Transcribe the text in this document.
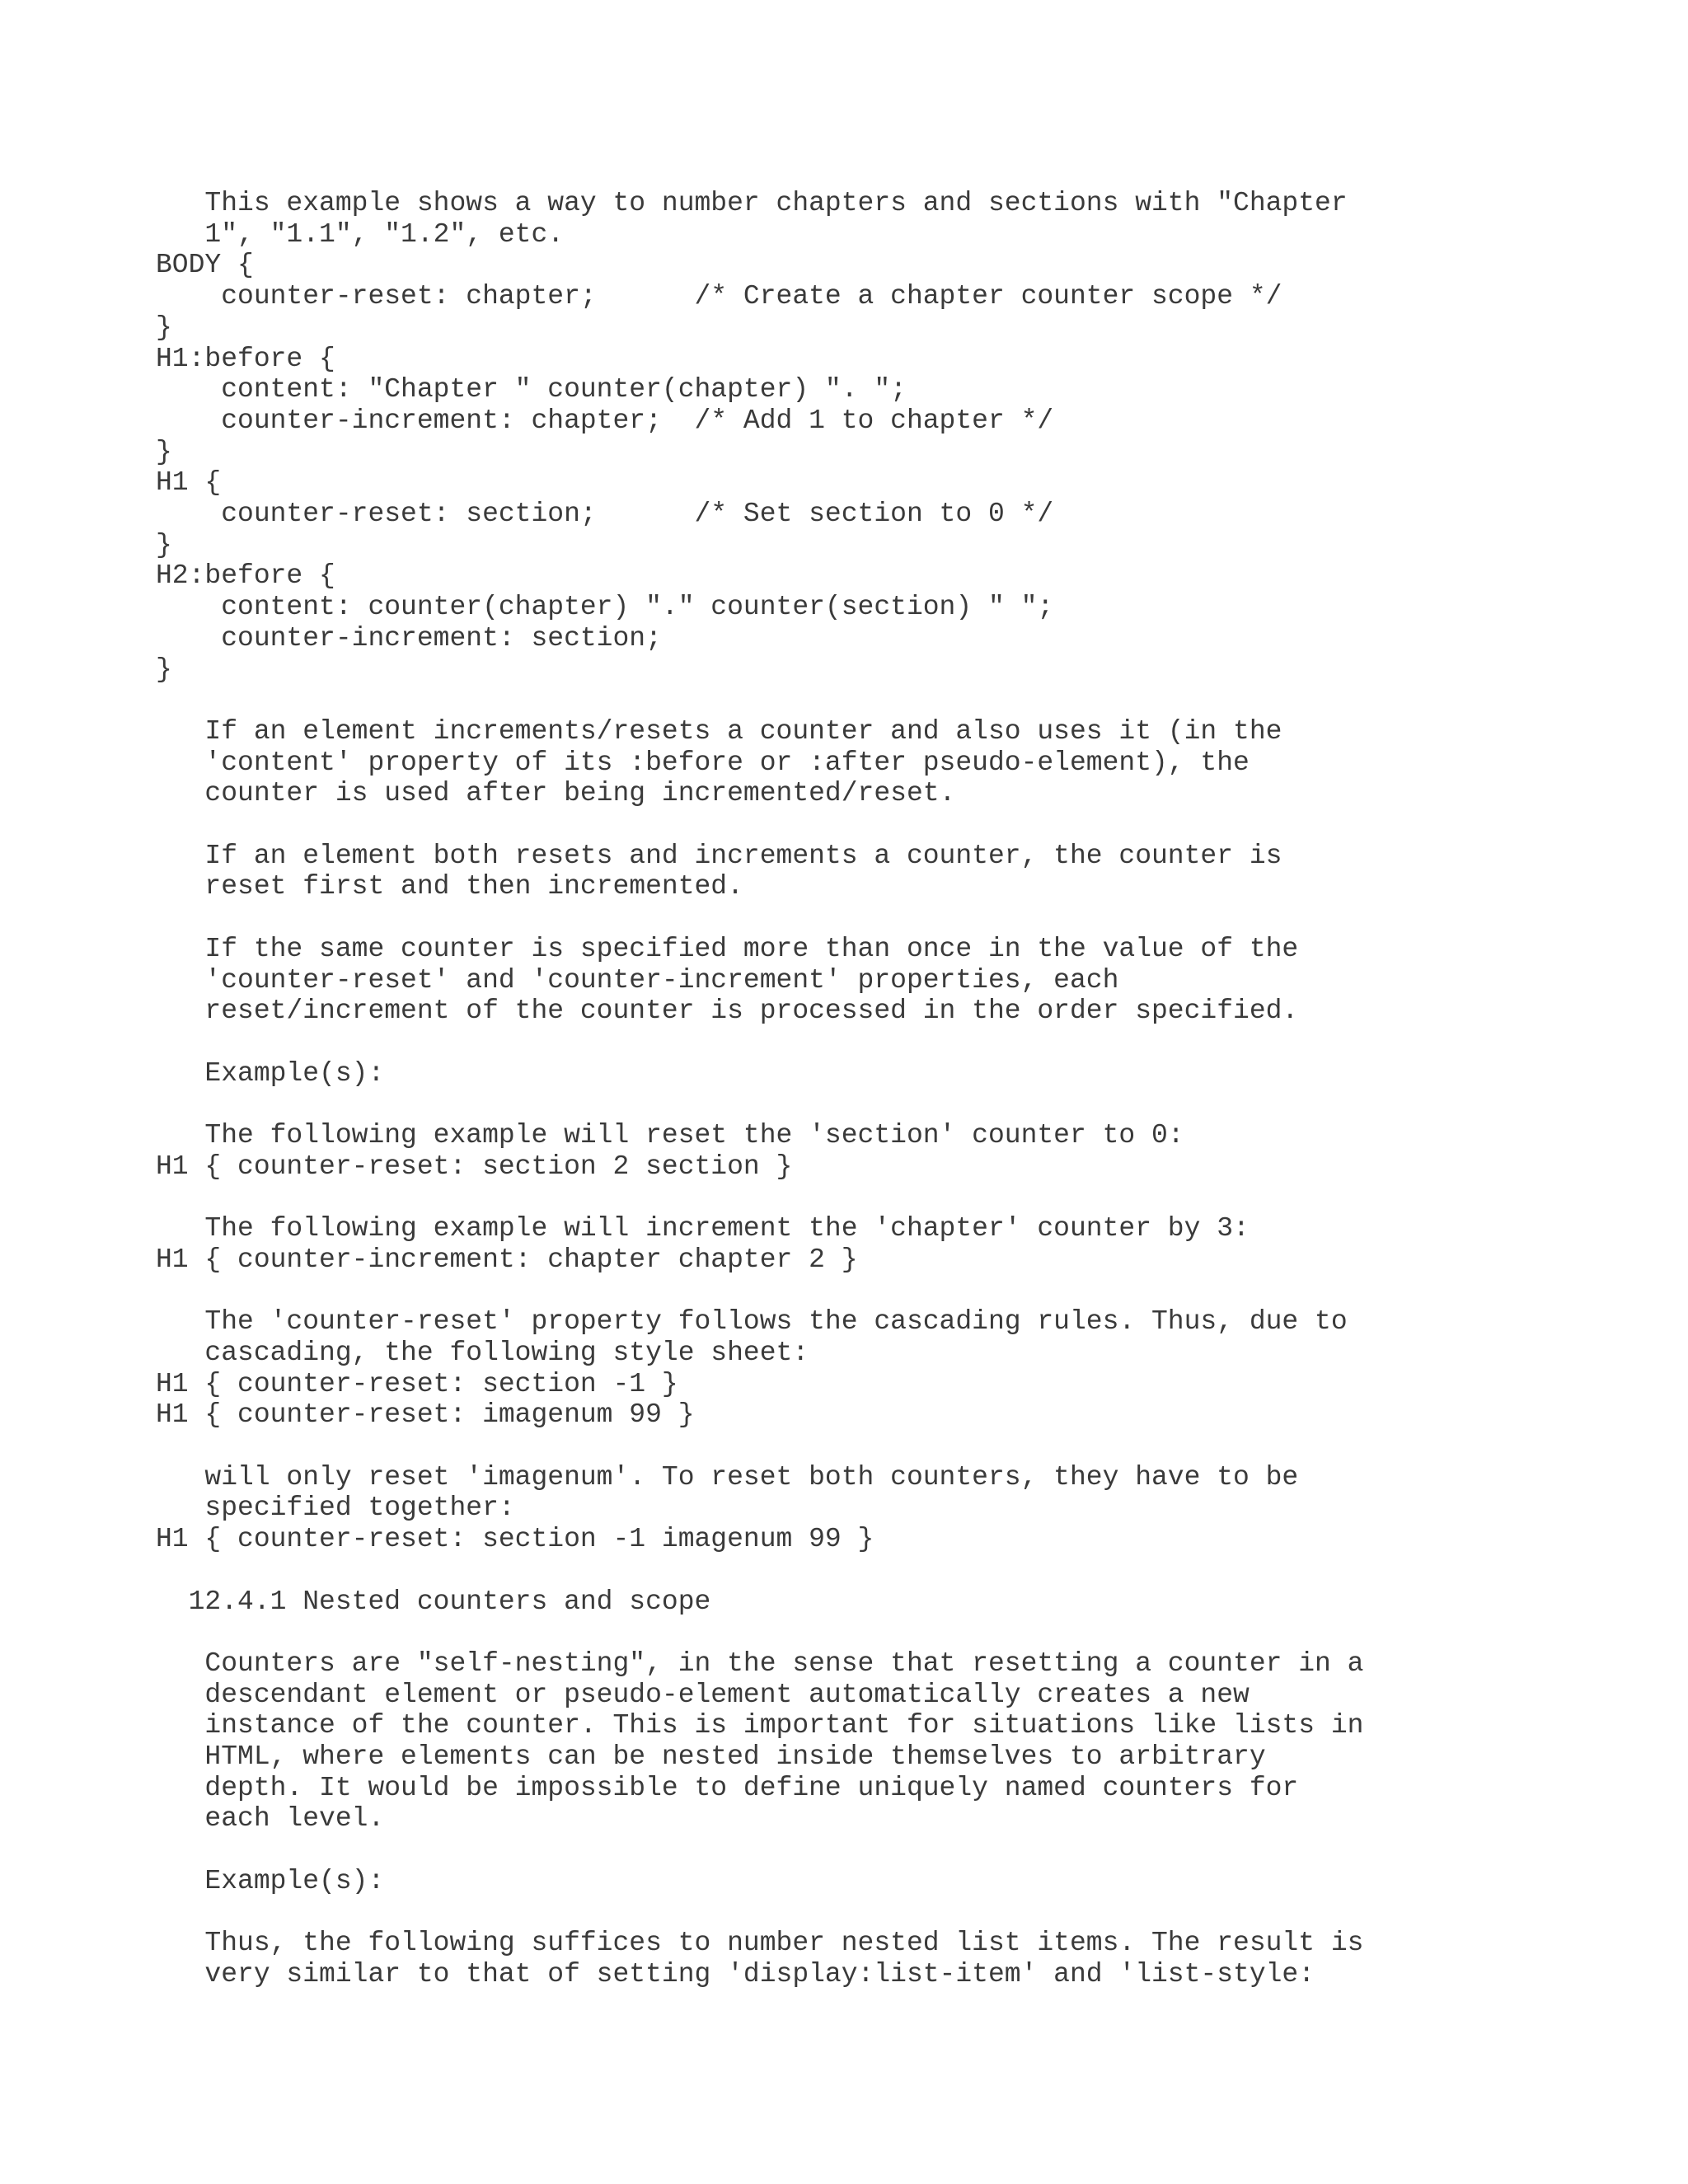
This example shows a way to number chapters and sections with "Chapter
1", "1.1", "1.2", etc.
BODY {
counter-reset: chapter;      /* Create a chapter counter scope */
}
H1:before {
content: "Chapter " counter(chapter) ". ";
counter-increment: chapter;  /* Add 1 to chapter */
}
H1 {
counter-reset: section;      /* Set section to 0 */
}
H2:before {
content: counter(chapter) "." counter(section) " ";
counter-increment: section;
}
If an element increments/resets a counter and also uses it (in the
'content' property of its :before or :after pseudo-element), the
counter is used after being incremented/reset.
If an element both resets and increments a counter, the counter is
reset first and then incremented.
If the same counter is specified more than once in the value of the
'counter-reset' and 'counter-increment' properties, each
reset/increment of the counter is processed in the order specified.
Example(s):
The following example will reset the 'section' counter to 0:
H1 { counter-reset: section 2 section }
The following example will increment the 'chapter' counter by 3:
H1 { counter-increment: chapter chapter 2 }
The 'counter-reset' property follows the cascading rules. Thus, due to
cascading, the following style sheet:
H1 { counter-reset: section -1 }
H1 { counter-reset: imagenum 99 }
will only reset 'imagenum'. To reset both counters, they have to be
specified together:
H1 { counter-reset: section -1 imagenum 99 }
12.4.1 Nested counters and scope
Counters are "self-nesting", in the sense that resetting a counter in a
descendant element or pseudo-element automatically creates a new
instance of the counter. This is important for situations like lists in
HTML, where elements can be nested inside themselves to arbitrary
depth. It would be impossible to define uniquely named counters for
each level.
Example(s):
Thus, the following suffices to number nested list items. The result is
very similar to that of setting 'display:list-item' and 'list-style:
